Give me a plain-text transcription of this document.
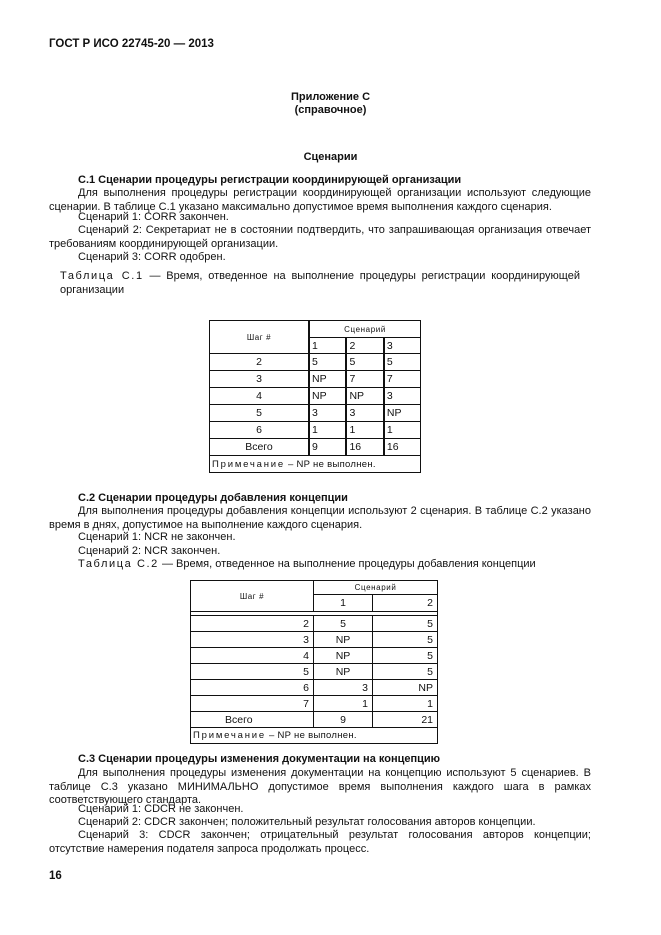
ГОСТ Р ИСО 22745-20 — 2013
Приложение С
(справочное)
Сценарии
С.1 Сценарии процедуры регистрации координирующей организации
Для выполнения процедуры регистрации координирующей организации используют следующие сценарии. В таблице С.1 указано максимально допустимое время выполнения каждого сценария.
Сценарий 1: CORR закончен.
Сценарий 2: Секретариат не в состоянии подтвердить, что запрашивающая организация отвечает требованиям координирующей организации.
Сценарий 3: CORR одобрен.
Таблица С.1 — Время, отведенное на выполнение процедуры регистрации координирующей организации
Шаг #	Сценарий		
	1	2	3
2	5	5	5
3	NP	7	7
4	NP	NP	3
5	3	3	NP
6	1	1	1
Всего	9	16	16
Примечание – NP не выполнен.			
С.2 Сценарии процедуры добавления концепции
Для выполнения процедуры добавления концепции используют 2 сценария. В таблице С.2 указано время в днях, допустимое на выполнение каждого сценария.
Сценарий 1: NCR не закончен.
Сценарий 2: NCR закончен.
Таблица С.2 — Время, отведенное на выполнение процедуры добавления концепции
Шаг #	Сценарий	
	1	2

2	5	5
3	NP	5
4	NP	5
5	NP	5
6	3	NP
7	1	1
Всего	9	21
Примечание – NP не выполнен.		
С.3 Сценарии процедуры изменения документации на концепцию
Для выполнения процедуры изменения документации на концепцию используют 5 сценариев. В таблице С.3 указано МИНИМАЛЬНО допустимое время выполнения каждого шага в рамках соответствующего стандарта.
Сценарий 1: CDCR не закончен.
Сценарий 2: CDCR закончен; положительный результат голосования авторов концепции.
Сценарий 3: CDCR закончен; отрицательный результат голосования авторов концепции; отсутствие намерения подателя запроса продолжать процесс.
16
